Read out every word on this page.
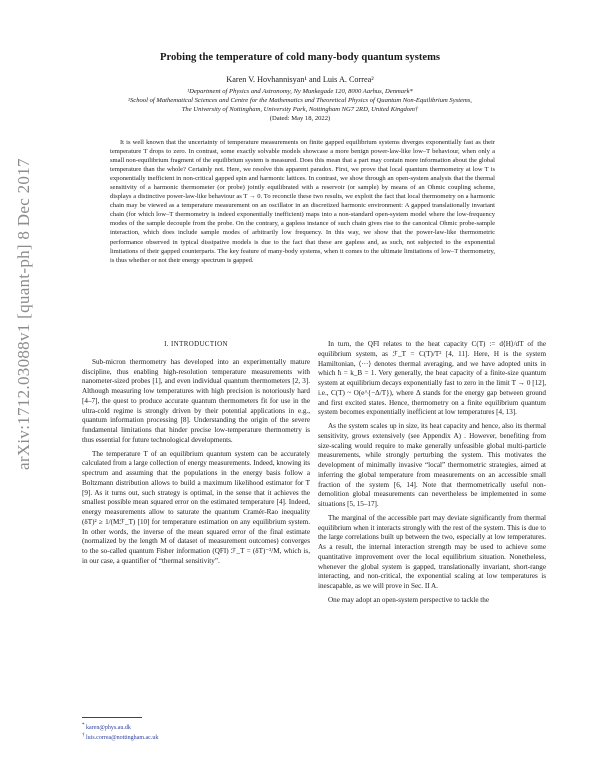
arXiv:1712.03088v1 [quant-ph] 8 Dec 2017
Probing the temperature of cold many-body quantum systems
Karen V. Hovhannisyan¹ and Luis A. Correa²
¹Department of Physics and Astronomy, Ny Munkegade 120, 8000 Aarhus, Denmark*
²School of Mathematical Sciences and Centre for the Mathematics and Theoretical Physics of Quantum Non-Equilibrium Systems,
The University of Nottingham, University Park, Nottingham NG7 2RD, United Kingdom†
(Dated: May 18, 2022)
It is well known that the uncertainty of temperature measurements on finite gapped equilibrium systems diverges exponentially fast as their temperature T drops to zero. In contrast, some exactly solvable models showcase a more benign power-law-like low–T behaviour, when only a small non-equilibrium fragment of the equilibrium system is measured. Does this mean that a part may contain more information about the global temperature than the whole? Certainly not. Here, we resolve this apparent paradox. First, we prove that local quantum thermometry at low T is exponentially inefficient in non-critical gapped spin and harmonic lattices. In contrast, we show through an open-system analysis that the thermal sensitivity of a harmonic thermometer (or probe) jointly equilibrated with a reservoir (or sample) by means of an Ohmic coupling scheme, displays a distinctive power-law-like behaviour as T → 0. To reconcile these two results, we exploit the fact that local thermometry on a harmonic chain may be viewed as a temperature measurement on an oscillator in an discretized harmonic environment: A gapped translationally invariant chain (for which low–T thermometry is indeed exponentially inefficient) maps into a non-standard open-system model where the low-frequency modes of the sample decouple from the probe. On the contrary, a gapless instance of such chain gives rise to the canonical Ohmic probe-sample interaction, which does include sample modes of arbitrarily low frequency. In this way, we show that the power-law-like thermometric performance observed in typical dissipative models is due to the fact that these are gapless and, as such, not subjected to the exponential limitations of their gapped counterparts. The key feature of many-body systems, when it comes to the ultimate limitations of low–T thermometry, is thus whether or not their energy spectrum is gapped.
I. INTRODUCTION

Sub-micron thermometry has developed into an experimentally mature discipline, thus enabling high-resolution temperature measurements with nanometer-sized probes [1], and even individual quantum thermometers [2, 3]. Although measuring low temperatures with high precision is notoriously hard [4–7], the quest to produce accurate quantum thermometers fit for use in the ultra-cold regime is strongly driven by their potential applications in e.g., quantum information processing [8]. Understanding the origin of the severe fundamental limitations that hinder precise low-temperature thermometry is thus essential for future technological developments.

The temperature T of an equilibrium quantum system can be accurately calculated from a large collection of energy measurements. Indeed, knowing its spectrum and assuming that the populations in the energy basis follow a Boltzmann distribution allows to build a maximum likelihood estimator for T [9]. As it turns out, such strategy is optimal, in the sense that it achieves the smallest possible mean squared error on the estimated temperature [4]. Indeed, energy measurements allow to saturate the quantum Cramér-Rao inequality (δT)² ≥ 1/(Mℱ_T) [10] for temperature estimation on any equilibrium system. In other words, the inverse of the mean squared error of the final estimate (normalized by the length M of dataset of measurement outcomes) converges to the so-called quantum Fisher information (QFI) ℱ_T = (δT)⁻²/M, which is, in our case, a quantifier of “thermal sensitivity”.

In turn, the QFI relates to the heat capacity C(T) := d⟨H⟩/dT of the equilibrium system, as ℱ_T = C(T)/T² [4, 11]. Here, H is the system Hamiltonian, ⟨···⟩ denotes thermal averaging, and we have adopted units in which ħ = k_B = 1. Very generally, the heat capacity of a finite-size quantum system at equilibrium decays exponentially fast to zero in the limit T → 0 [12], i.e., C(T) ~ O(e^{−Δ/T}), where Δ stands for the energy gap between ground and first excited states. Hence, thermometry on a finite equilibrium quantum system becomes exponentially inefficient at low temperatures [4, 13].

As the system scales up in size, its heat capacity and hence, also its thermal sensitivity, grows extensively (see Appendix A) . However, benefiting from size-scaling would require to make generally unfeasible global multi-particle measurements, while strongly perturbing the system. This motivates the development of minimally invasive “local” thermometric strategies, aimed at inferring the global temperature from measurements on an accessible small fraction of the system [6, 14]. Note that thermometrically useful non-demolition global measurements can nevertheless be implemented in some situations [5, 15–17].

The marginal of the accessible part may deviate significantly from thermal equilibrium when it interacts strongly with the rest of the system. This is due to the large correlations built up between the two, especially at low temperatures. As a result, the internal interaction strength may be used to achieve some quantitative improvement over the local equilibrium situation. Nonetheless, whenever the global system is gapped, translationally invariant, short-range interacting, and non-critical, the exponential scaling at low temperatures is inescapable, as we will prove in Sec. II A.

One may adopt an open-system perspective to tackle the

* karen@phys.au.dk
† luis.correa@nottingham.ac.uk
